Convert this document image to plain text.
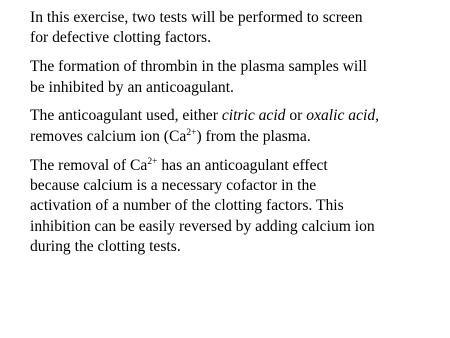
In this exercise, two tests will be performed to screen
for defective clotting factors.

The formation of thrombin in the plasma samples will
be inhibited by an anticoagulant.

The anticoagulant used, either citric acid or oxalic acid,
removes calcium ion $(Ca^{2+})$ from the plasma.

The removal of $Ca^{2+}$ has an anticoagulant effect
because calcium is a necessary cofactor in the
activation of a number of the clotting factors. This
inhibition can be easily reversed by adding calcium ion
during the clotting tests.
